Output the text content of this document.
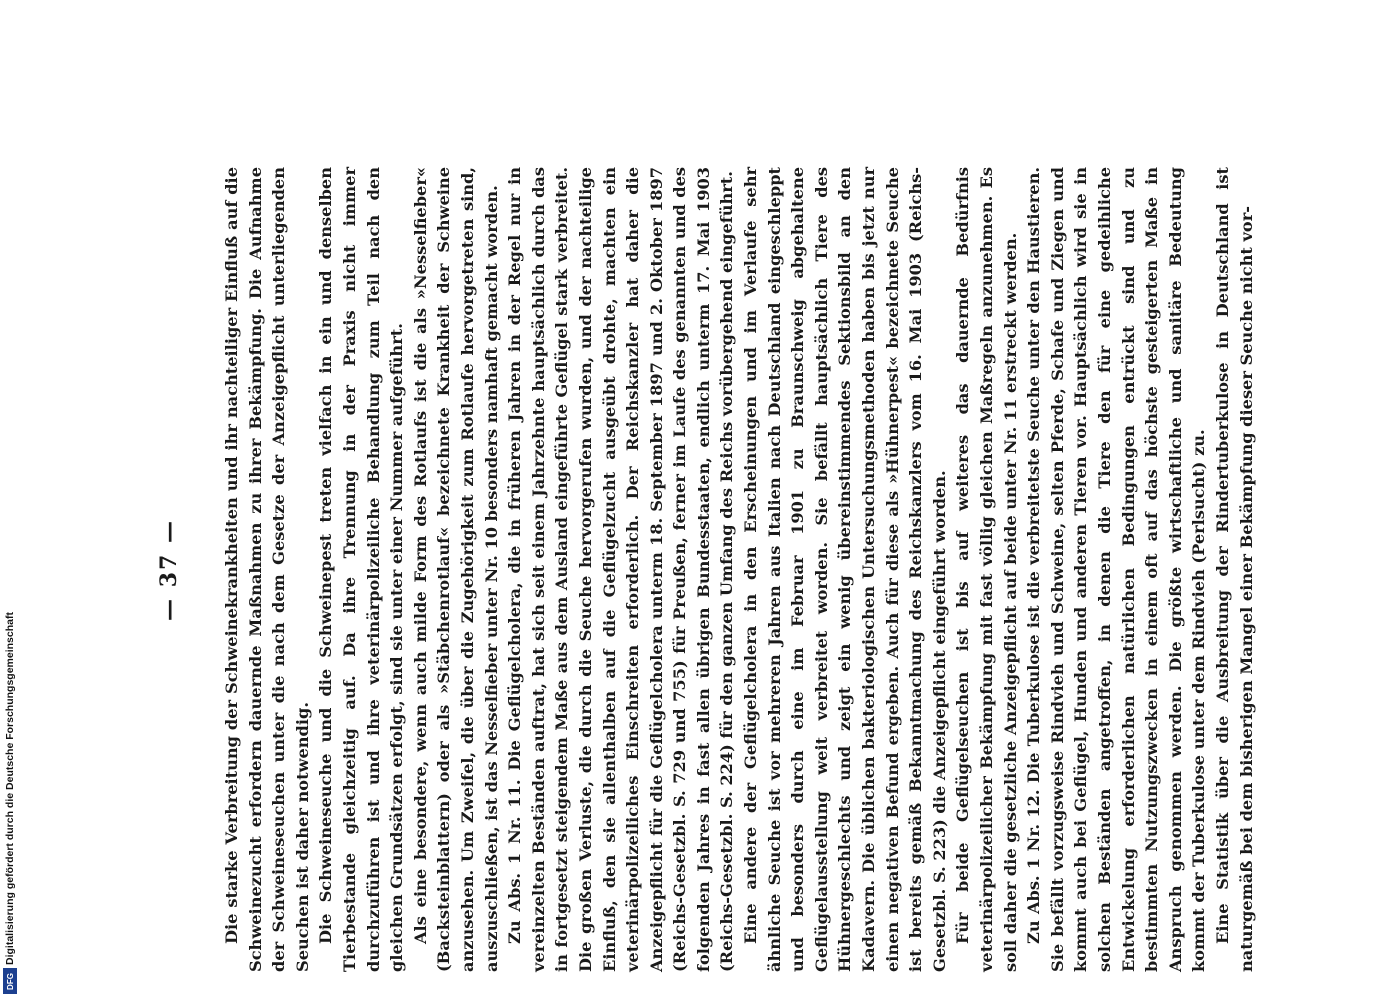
Digitalisierung gefördert durch die Deutsche Forschungsgemeinschaft
DFG
— 37 — Die starke Verbreitung der Schweinekrankheiten und ihr nachteiliger Einfluß auf die Schweinezucht erfordern dauernde Maßnahmen zu ihrer Bekämpfung. Die Aufnahme der Schweineseuchen unter die nach dem Gesetze der Anzeigepflicht unterliegenden Seuchen ist daher notwendig. Die Schweineseuche und die Schweinepest treten vielfach in ein und denselben Tierbestande gleichzeitig auf. Da ihre Trennung in der Praxis nicht immer durchzuführen ist und ihre veterinärpolizeiliche Behandlung zum Teil nach den gleichen Grundsätzen erfolgt, sind sie unter einer Nummer aufgeführt. Als eine besondere, wenn auch milde Form des Rotlaufs ist die als »Nesselfieber« (Backsteinblattern) oder als »Stäbchenrotlauf« bezeichnete Krankheit der Schweine anzusehen. Um Zweifel, die über die Zugehörigkeit zum Rotlaufe hervorgetreten sind, auszuschließen, ist das Nesselfieber unter Nr. 10 besonders namhaft gemacht worden. Zu Abs. 1 Nr. 11. Die Geflügelcholera, die in früheren Jahren in der Regel nur in vereinzelten Beständen auftrat, hat sich seit einem Jahrzehnte hauptsächlich durch das in fortgesetzt steigendem Maße aus dem Ausland eingeführte Geflügel stark verbreitet. Die großen Verluste, die durch die Seuche hervorgerufen wurden, und der nachteilige Einfluß, den sie allenthalben auf die Geflügelzucht ausgeübt drohte, machten ein veterinärpolizeiliches Einschreiten erforderlich. Der Reichskanzler hat daher die Anzeigepflicht für die Geflügelcholera unterm 18. September 1897 und 2. Oktober 1897 (Reichs-Gesetzbl. S. 729 und 755) für Preußen, ferner im Laufe des genannten und des folgenden Jahres in fast allen übrigen Bundesstaaten, endlich unterm 17. Mai 1903 (Reichs-Gesetzbl. S. 224) für den ganzen Umfang des Reichs vorübergehend eingeführt. Eine andere der Geflügelcholera in den Erscheinungen und im Verlaufe sehr ähnliche Seuche ist vor mehreren Jahren aus Italien nach Deutschland eingeschleppt und besonders durch eine im Februar 1901 zu Braunschweig abgehaltene Geflügelausstellung weit verbreitet worden. Sie befällt hauptsächlich Tiere des Hühnergeschlechts und zeigt ein wenig übereinstimmendes Sektionsbild an den Kadavern. Die üblichen bakteriologischen Untersuchungsmethoden haben bis jetzt nur einen negativen Befund ergeben. Auch für diese als »Hühnerpest« bezeichnete Seuche ist bereits gemäß Bekanntmachung des Reichskanzlers vom 16. Mai 1903 (Reichs-Gesetzbl. S. 223) die Anzeigepflicht eingeführt worden. Für beide Geflügelseuchen ist bis auf weiteres das dauernde Bedürfnis veterinärpolizeilicher Bekämpfung mit fast völlig gleichen Maßregeln anzunehmen. Es soll daher die gesetzliche Anzeigepflicht auf beide unter Nr. 11 erstreckt werden. Zu Abs. 1 Nr. 12. Die Tuberkulose ist die verbreitetste Seuche unter den Haustieren. Sie befällt vorzugsweise Rindvieh und Schweine, selten Pferde, Schafe und Ziegen und kommt auch bei Geflügel, Hunden und anderen Tieren vor. Hauptsächlich wird sie in solchen Beständen angetroffen, in denen die Tiere den für eine gedeihliche Entwickelung erforderlichen natürlichen Bedingungen entrückt sind und zu bestimmten Nutzungszwecken in einem oft auf das höchste gesteigerten Maße in Anspruch genommen werden. Die größte wirtschaftliche und sanitäre Bedeutung kommt der Tuberkulose unter dem Rindvieh (Perlsucht) zu. Eine Statistik über die Ausbreitung der Rindertuberkulose in Deutschland ist naturgemäß bei dem bisherigen Mangel einer Bekämpfung dieser Seuche nicht vor-
